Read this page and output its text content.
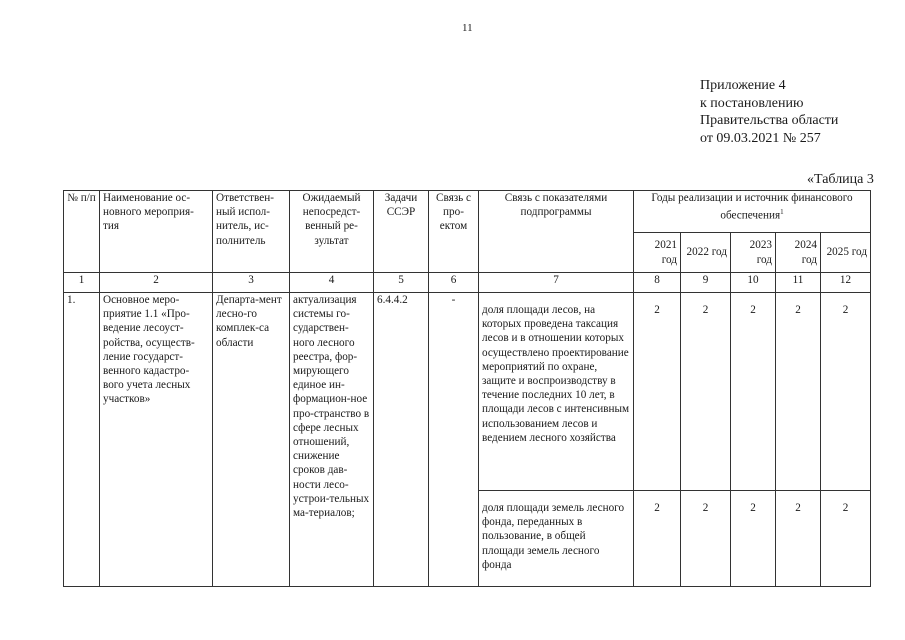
11
Приложение 4
к постановлению
Правительства области
от 09.03.2021 № 257
«Таблица 3
№ п/п	Наименование ос-новного мероприя-тия	Ответствен-ный испол-нитель, ис-полнитель	Ожидаемый непосредст-венный ре-зультат	Задачи ССЭР	Связь с про-ектом	Связь с показателями подпрограммы	Годы реализации и источник финансового обеспечения$^1$
							2021 год	2022 год	2023 год	2024 год	2025 год
1	2	3	4	5	6	7	8	9	10	11	12
1.	Основное меро-приятие 1.1 «Про-ведение лесоуст-ройства, осуществ-ление государст-венного кадастро-вого учета лесных участков»	Департа-мент лесно-го комплек-са области	актуализация системы го-сударствен-ного лесного реестра, фор-мирующего единое ин-формацион-ное про-странство в сфере лесных отношений, снижение сроков дав-ности лесо-устрои-тельных ма-териалов;	6.4.4.2	-	доля площади лесов, на которых проведена таксация лесов и в отношении которых осуществлено проектирование мероприятий по охране, защите и воспроизводству в течение последних 10 лет, в площади лесов с интенсивным использованием лесов и ведением лесного хозяйства	2	2	2	2	2
						доля площади земель лесного фонда, переданных в пользование, в общей площади земель лесного фонда	2	2	2	2	2
